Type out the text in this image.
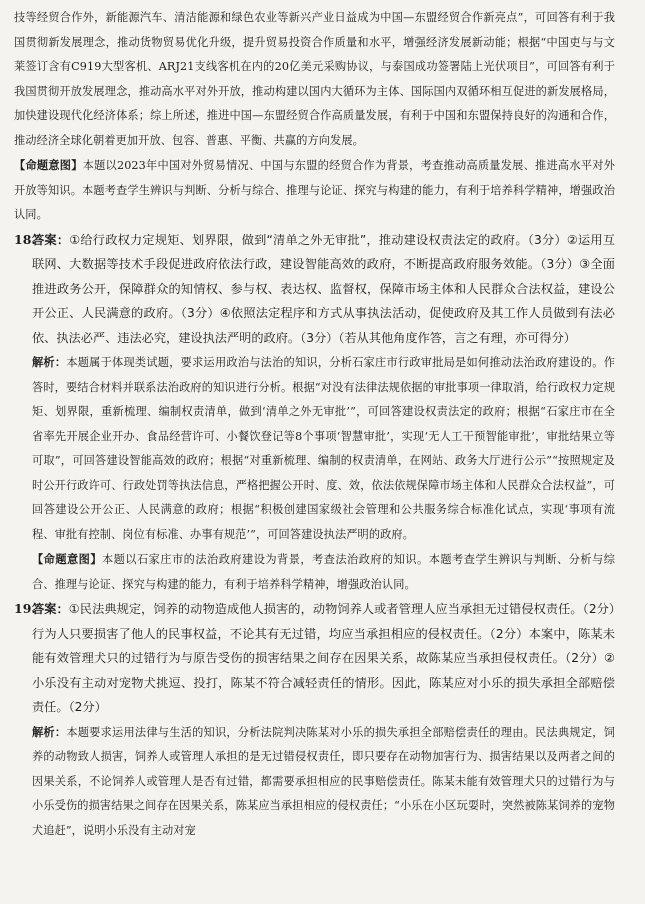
技等经贸合作外，新能源汽车、清洁能源和绿色农业等新兴产业日益成为中国—东盟经贸合作新亮点”，可回答有利于我国贯彻新发展理念，推动货物贸易优化升级，提升贸易投资合作质量和水平，增强经济发展新动能；根据“中国吏与与文莱签订含有C919大型客机、ARJ21支线客机在内的20亿美元采购协议，与泰国成功签署陆上光伏项目”，可回答有利于我国贯彻开放发展理念，推动高水平对外开放，推动构建以国内大循环为主体、国际国内双循环相互促进的新发展格局，加快建设现代化经济体系；综上所述，推进中国—东盟经贸合作高质量发展，有利于中国和东盟保持良好的沟通和合作，推动经济全球化朝着更加开放、包容、普惠、平衡、共赢的方向发展。

【命题意图】本题以2023年中国对外贸易情况、中国与东盟的经贸合作为背景，考查推动高质量发展、推进高水平对外开放等知识。本题考查学生辨识与判断、分析与综合、推理与论证、探究与构建的能力，有利于培养科学精神，增强政治认同。

18.

答案：①给行政权力定规矩、划界限，做到“清单之外无审批”，推动建设权责法定的政府。（3分）②运用互联网、大数据等技术手段促进政府依法行政，建设智能高效的政府，不断提高政府服务效能。（3分）③全面推进政务公开，保障群众的知情权、参与权、表达权、监督权，保障市场主体和人民群众合法权益，建设公开公正、人民满意的政府。（3分）④依照法定程序和方式从事执法活动，促使政府及其工作人员做到有法必依、执法必严、违法必究，建设执法严明的政府。（3分）（若从其他角度作答，言之有理，亦可得分）

解析：本题属于体现类试题，要求运用政治与法治的知识，分析石家庄市行政审批局是如何推动法治政府建设的。作答时，要结合材料并联系法治政府的知识进行分析。根据“对没有法律法规依据的审批事项一律取消，给行政权力定规矩、划界限，重新梳理、编制权责清单，做到‘清单之外无审批’”，可回答建设权责法定的政府；根据“石家庄市在全省率先开展企业开办、食品经营许可、小餐饮登记等8个事项‘智慧审批’，实现‘无人工干预智能审批’，审批结果立等可取”，可回答建设智能高效的政府；根据“对重新梳理、编制的权责清单，在网站、政务大厅进行公示”“按照规定及时公开行政许可、行政处罚等执法信息，严格把握公开时、度、效，依法依规保障市场主体和人民群众合法权益”，可回答建设公开公正、人民满意的政府；根据“积极创建国家级社会管理和公共服务综合标准化试点，实现‘事项有流程、审批有控制、岗位有标准、办事有规范’”，可回答建设执法严明的政府。

【命题意图】本题以石家庄市的法治政府建设为背景，考查法治政府的知识。本题考查学生辨识与判断、分析与综合、推理与论证、探究与构建的能力，有利于培养科学精神，增强政治认同。

19.

答案：①民法典规定，饲养的动物造成他人损害的，动物饲养人或者管理人应当承担无过错侵权责任。（2分）行为人只要损害了他人的民事权益，不论其有无过错，均应当承担相应的侵权责任。（2分）本案中，陈某未能有效管理犬只的过错行为与原告受伤的损害结果之间存在因果关系，故陈某应当承担侵权责任。（2分）②小乐没有主动对宠物犬挑逗、投打，陈某不符合减轻责任的情形。因此，陈某应对小乐的损失承担全部赔偿责任。（2分）

解析：本题要求运用法律与生活的知识，分析法院判决陈某对小乐的损失承担全部赔偿责任的理由。民法典规定，饲养的动物致人损害，饲养人或管理人承担的是无过错侵权责任，即只要存在动物加害行为、损害结果以及两者之间的因果关系，不论饲养人或管理人是否有过错，都需要承担相应的民事赔偿责任。陈某未能有效管理犬只的过错行为与小乐受伤的损害结果之间存在因果关系，陈某应当承担相应的侵权责任；“小乐在小区玩耍时，突然被陈某饲养的宠物犬追赶”，说明小乐没有主动对宠
